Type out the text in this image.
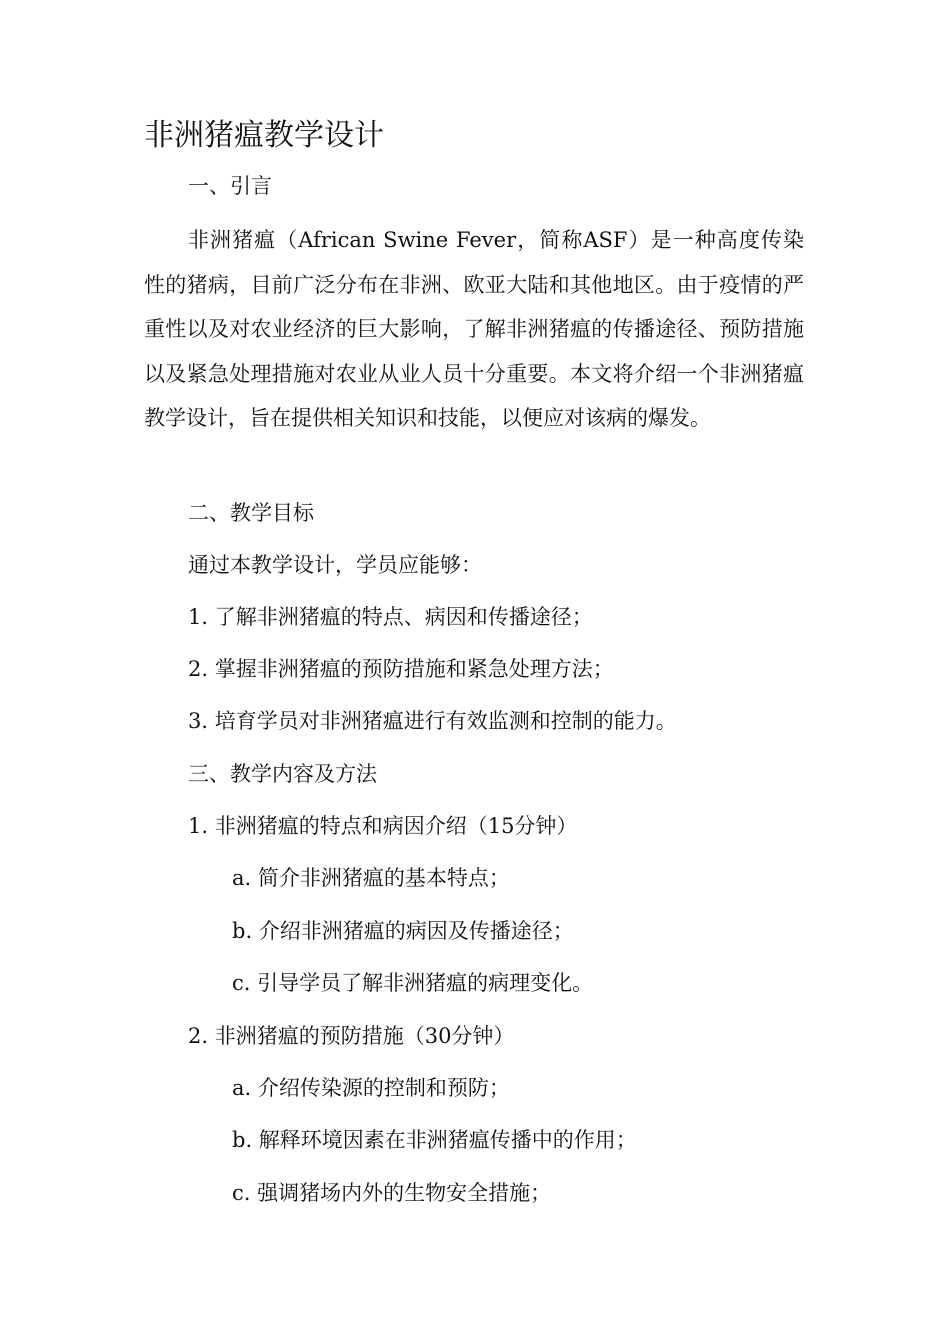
非洲猪瘟教学设计

一、引言

非洲猪瘟（African Swine Fever，简称ASF）是一种高度传染性的猪病，目前广泛分布在非洲、欧亚大陆和其他地区。由于疫情的严重性以及对农业经济的巨大影响，了解非洲猪瘟的传播途径、预防措施以及紧急处理措施对农业从业人员十分重要。本文将介绍一个非洲猪瘟教学设计，旨在提供相关知识和技能，以便应对该病的爆发。

二、教学目标

通过本教学设计，学员应能够：

1. 了解非洲猪瘟的特点、病因和传播途径；

2. 掌握非洲猪瘟的预防措施和紧急处理方法；

3. 培育学员对非洲猪瘟进行有效监测和控制的能力。

三、教学内容及方法

1. 非洲猪瘟的特点和病因介绍（15分钟）

a. 简介非洲猪瘟的基本特点；

b. 介绍非洲猪瘟的病因及传播途径；

c. 引导学员了解非洲猪瘟的病理变化。

2. 非洲猪瘟的预防措施（30分钟）

a. 介绍传染源的控制和预防；

b. 解释环境因素在非洲猪瘟传播中的作用；

c. 强调猪场内外的生物安全措施；
